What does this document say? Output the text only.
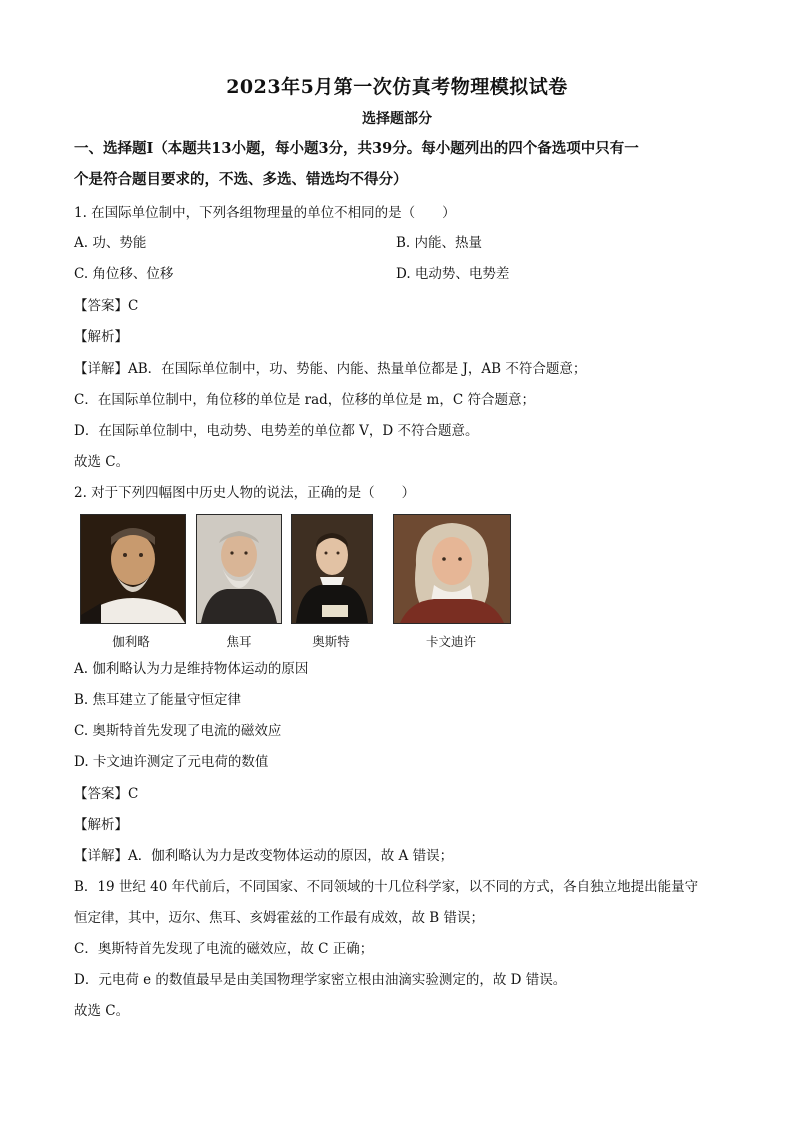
2023年5月第一次仿真考物理模拟试卷
选择题部分
一、选择题Ⅰ（本题共13小题，每小题3分，共39分。每小题列出的四个备选项中只有一
个是符合题目要求的，不选、多选、错选均不得分）
1. 在国际单位制中，下列各组物理量的单位不相同的是（　　）
A. 功、势能	B. 内能、热量
C. 角位移、位移	D. 电动势、电势差
【答案】C
【解析】
【详解】AB．在国际单位制中，功、势能、内能、热量单位都是 J，AB 不符合题意；
C．在国际单位制中，角位移的单位是 rad，位移的单位是 m，C 符合题意；
D．在国际单位制中，电动势、电势差的单位都 V，D 不符合题意。
故选 C。
2. 对于下列四幅图中历史人物的说法，正确的是（　　）
伽利略	焦耳	奥斯特	卡文迪许
A. 伽利略认为力是维持物体运动的原因
B. 焦耳建立了能量守恒定律
C. 奥斯特首先发现了电流的磁效应
D. 卡文迪许测定了元电荷的数值
【答案】C
【解析】
【详解】A．伽利略认为力是改变物体运动的原因，故 A 错误；
B．19 世纪 40 年代前后，不同国家、不同领域的十几位科学家，以不同的方式，各自独立地提出能量守
恒定律，其中，迈尔、焦耳、亥姆霍兹的工作最有成效，故 B 错误；
C．奥斯特首先发现了电流的磁效应，故 C 正确；
D．元电荷 e 的数值最早是由美国物理学家密立根由油滴实验测定的，故 D 错误。
故选 C。
